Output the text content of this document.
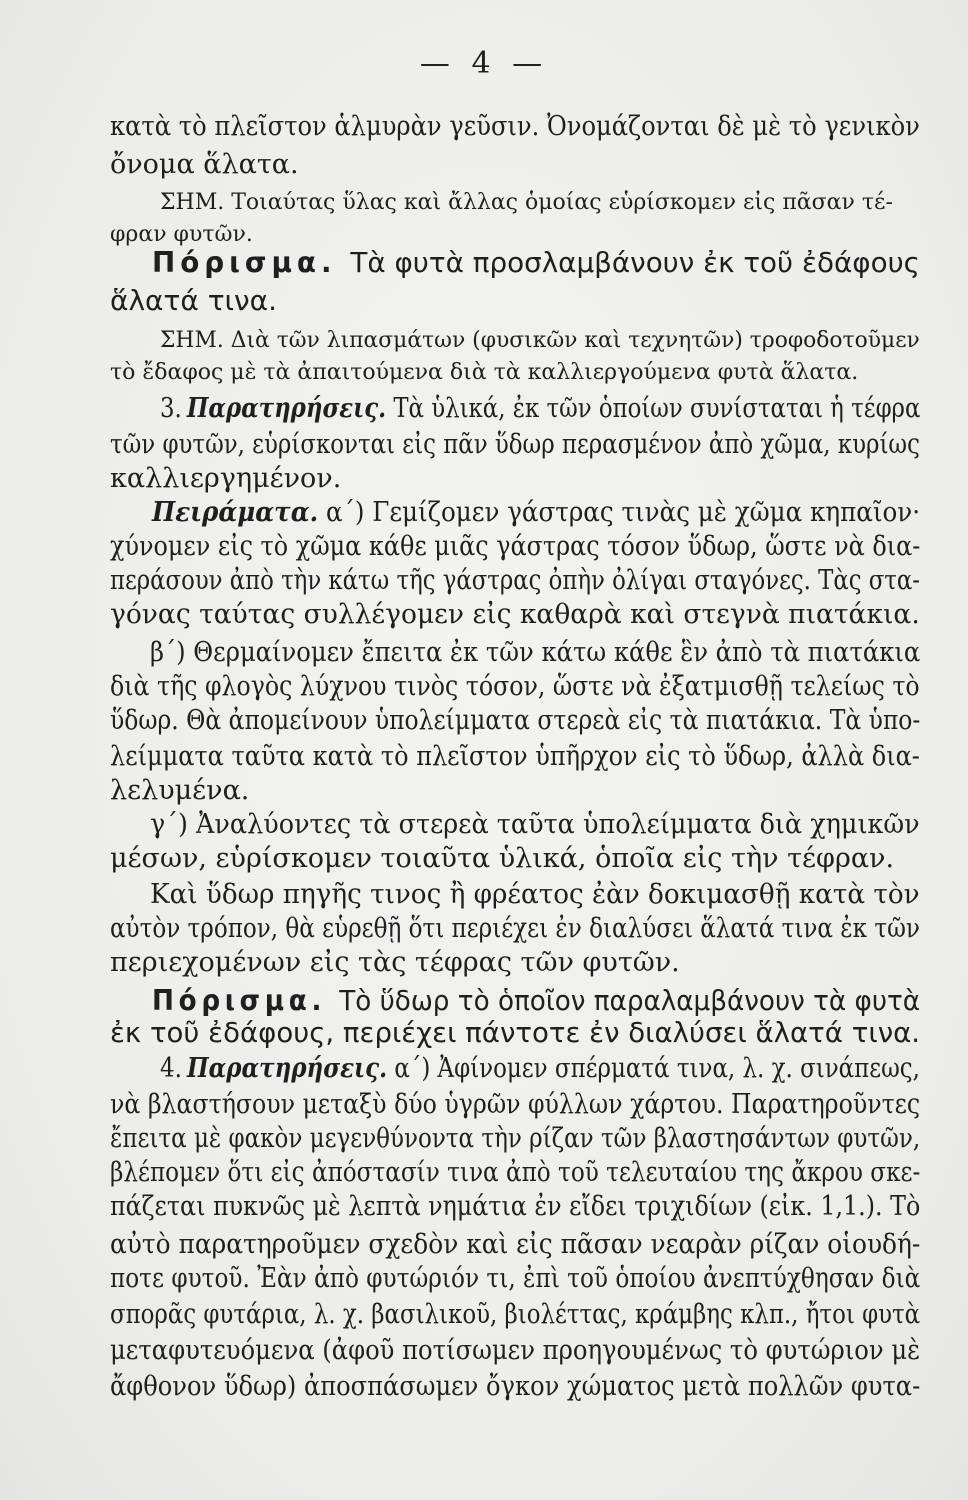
— 4 —
κατὰ τὸ πλεῖστον ἁλμυρὰν γεῦσιν. Ὀνομάζονται δὲ μὲ τὸ γενικὸν
ὄνομα ἅλατα.
ΣΗΜ. Τοιαύτας ὕλας καὶ ἄλλας ὁμοίας εὑρίσκομεν εἰς πᾶσαν τέ-
φραν φυτῶν.
Πόρισμα. Τὰ φυτὰ προσλαμβάνουν ἐκ τοῦ ἐδάφους
ἅλατά τινα.
ΣΗΜ. Διὰ τῶν λιπασμάτων (φυσικῶν καὶ τεχνητῶν) τροφοδοτοῦμεν
τὸ ἔδαφος μὲ τὰ ἀπαιτούμενα διὰ τὰ καλλιεργούμενα φυτὰ ἅλατα.
3. Παρατηρήσεις. Τὰ ὑλικά, ἐκ τῶν ὁποίων συνίσταται ἡ τέφρα
τῶν φυτῶν, εὑρίσκονται εἰς πᾶν ὕδωρ περασμένον ἀπὸ χῶμα, κυρίως
καλλιεργημένον.
Πειράματα. α΄) Γεμίζομεν γάστρας τινὰς μὲ χῶμα κηπαῖον·
χύνομεν εἰς τὸ χῶμα κάθε μιᾶς γάστρας τόσον ὕδωρ, ὥστε νὰ δια-
περάσουν ἀπὸ τὴν κάτω τῆς γάστρας ὀπὴν ὀλίγαι σταγόνες. Τὰς στα-
γόνας ταύτας συλλέγομεν εἰς καθαρὰ καὶ στεγνὰ πιατάκια.
β΄) Θερμαίνομεν ἔπειτα ἐκ τῶν κάτω κάθε ἓν ἀπὸ τὰ πιατάκια
διὰ τῆς φλογὸς λύχνου τινὸς τόσον, ὥστε νὰ ἐξατμισθῇ τελείως τὸ
ὕδωρ. Θὰ ἀπομείνουν ὑπολείμματα στερεὰ εἰς τὰ πιατάκια. Τὰ ὑπο-
λείμματα ταῦτα κατὰ τὸ πλεῖστον ὑπῆρχον εἰς τὸ ὕδωρ, ἀλλὰ δια-
λελυμένα.
γ΄) Ἀναλύοντες τὰ στερεὰ ταῦτα ὑπολείμματα διὰ χημικῶν
μέσων, εὑρίσκομεν τοιαῦτα ὑλικά, ὁποῖα εἰς τὴν τέφραν.
Καὶ ὕδωρ πηγῆς τινος ἢ φρέατος ἐὰν δοκιμασθῇ κατὰ τὸν
αὐτὸν τρόπον, θὰ εὑρεθῇ ὅτι περιέχει ἐν διαλύσει ἅλατά τινα ἐκ τῶν
περιεχομένων εἰς τὰς τέφρας τῶν φυτῶν.
Πόρισμα. Τὸ ὕδωρ τὸ ὁποῖον παραλαμβάνουν τὰ φυτὰ
ἐκ τοῦ ἐδάφους, περιέχει πάντοτε ἐν διαλύσει ἅλατά τινα.
4. Παρατηρήσεις. α΄) Ἀφίνομεν σπέρματά τινα, λ. χ. σινάπεως,
νὰ βλαστήσουν μεταξὺ δύο ὑγρῶν φύλλων χάρτου. Παρατηροῦντες
ἔπειτα μὲ φακὸν μεγενθύνοντα τὴν ρίζαν τῶν βλαστησάντων φυτῶν,
βλέπομεν ὅτι εἰς ἀπόστασίν τινα ἀπὸ τοῦ τελευταίου της ἄκρου σκε-
πάζεται πυκνῶς μὲ λεπτὰ νημάτια ἐν εἴδει τριχιδίων (εἰκ. 1,1.). Τὸ
αὐτὸ παρατηροῦμεν σχεδὸν καὶ εἰς πᾶσαν νεαρὰν ρίζαν οἱουδή-
ποτε φυτοῦ. Ἐὰν ἀπὸ φυτώριόν τι, ἐπὶ τοῦ ὁποίου ἀνεπτύχθησαν διὰ
σπορᾶς φυτάρια, λ. χ. βασιλικοῦ, βιολέττας, κράμβης κλπ., ἤτοι φυτὰ
μεταφυτευόμενα (ἀφοῦ ποτίσωμεν προηγουμένως τὸ φυτώριον μὲ
ἄφθονον ὕδωρ) ἀποσπάσωμεν ὄγκον χώματος μετὰ πολλῶν φυτα-
